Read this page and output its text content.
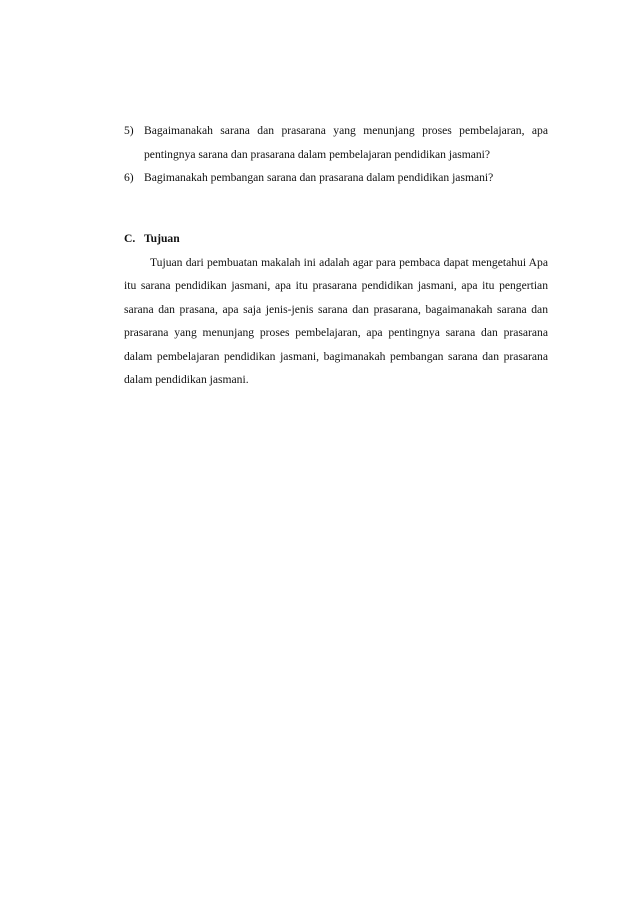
5) Bagaimanakah sarana dan prasarana yang menunjang proses pembelajaran, apa pentingnya sarana dan prasarana dalam pembelajaran pendidikan jasmani?
6) Bagimanakah pembangan sarana dan prasarana dalam pendidikan jasmani?
C. Tujuan
Tujuan dari pembuatan makalah ini adalah agar para pembaca dapat mengetahui Apa itu sarana pendidikan jasmani, apa itu prasarana pendidikan jasmani, apa itu pengertian sarana dan prasana, apa saja jenis-jenis sarana dan prasarana, bagaimanakah sarana dan prasarana yang menunjang proses pembelajaran, apa pentingnya sarana dan prasarana dalam pembelajaran pendidikan jasmani, bagimanakah pembangan sarana dan prasarana dalam pendidikan jasmani.
